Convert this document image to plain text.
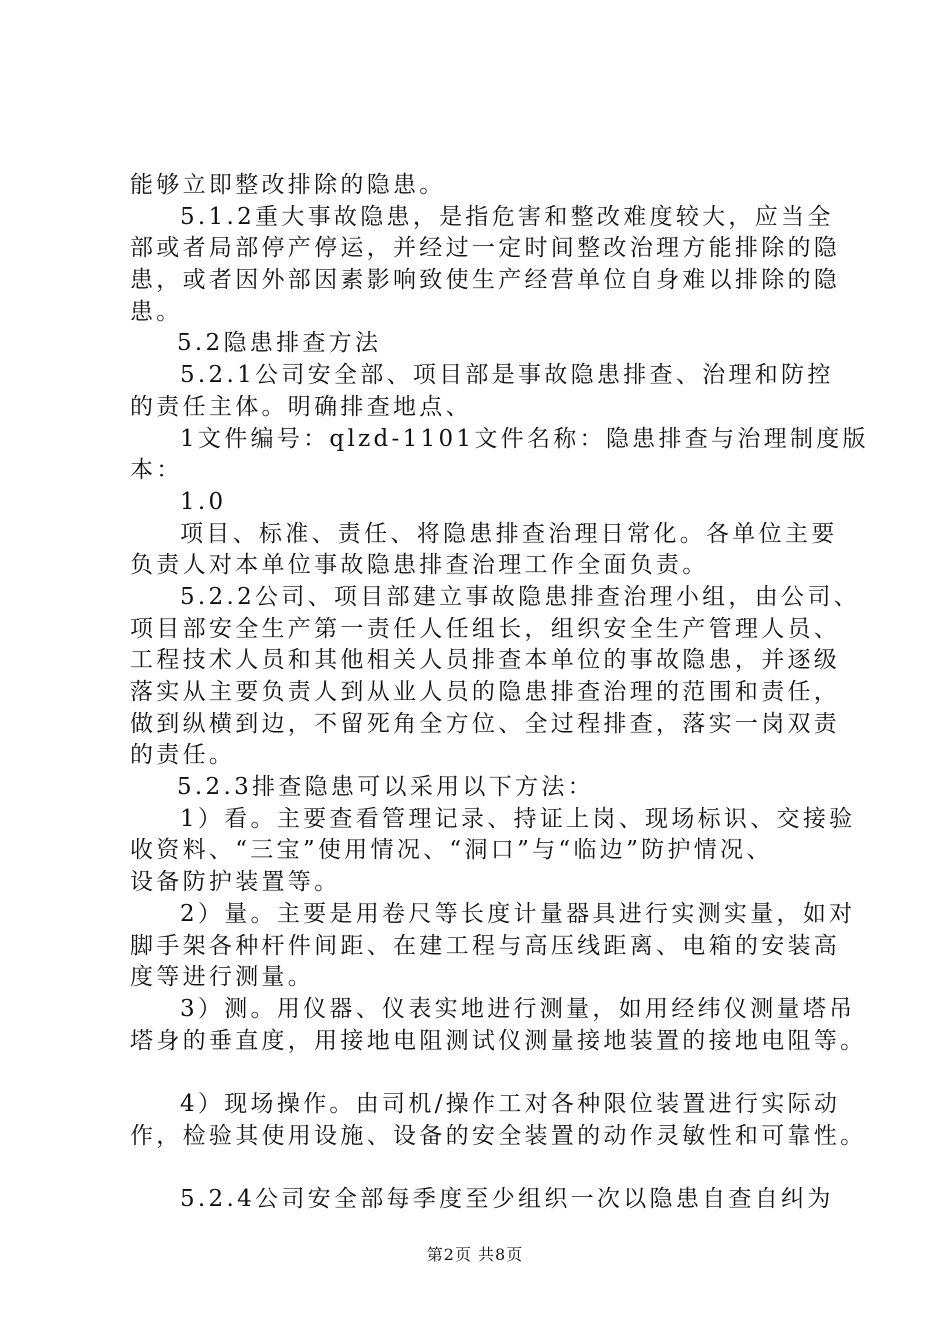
能够立即整改排除的隐患。
5.1.2重大事故隐患，是指危害和整改难度较大，应当全
部或者局部停产停运，并经过一定时间整改治理方能排除的隐
患，或者因外部因素影响致使生产经营单位自身难以排除的隐
患。
5.2隐患排查方法
5.2.1公司安全部、项目部是事故隐患排查、治理和防控
的责任主体。明确排查地点、
1文件编号：qlzd-1101文件名称：隐患排查与治理制度版
本：
1.0
项目、标准、责任、将隐患排查治理日常化。各单位主要
负责人对本单位事故隐患排查治理工作全面负责。
5.2.2公司、项目部建立事故隐患排查治理小组，由公司、
项目部安全生产第一责任人任组长，组织安全生产管理人员、
工程技术人员和其他相关人员排查本单位的事故隐患，并逐级
落实从主要负责人到从业人员的隐患排查治理的范围和责任，
做到纵横到边，不留死角全方位、全过程排查，落实一岗双责
的责任。
5.2.3排查隐患可以采用以下方法：
1）看。主要查看管理记录、持证上岗、现场标识、交接验
收资料、“三宝”使用情况、“洞口”与“临边”防护情况、
设备防护装置等。
2）量。主要是用卷尺等长度计量器具进行实测实量，如对
脚手架各种杆件间距、在建工程与高压线距离、电箱的安装高
度等进行测量。
3）测。用仪器、仪表实地进行测量，如用经纬仪测量塔吊
塔身的垂直度，用接地电阻测试仪测量接地装置的接地电阻等。
4）现场操作。由司机/操作工对各种限位装置进行实际动
作，检验其使用设施、设备的安全装置的动作灵敏性和可靠性。
5.2.4公司安全部每季度至少组织一次以隐患自查自纠为
第2页 共8页
